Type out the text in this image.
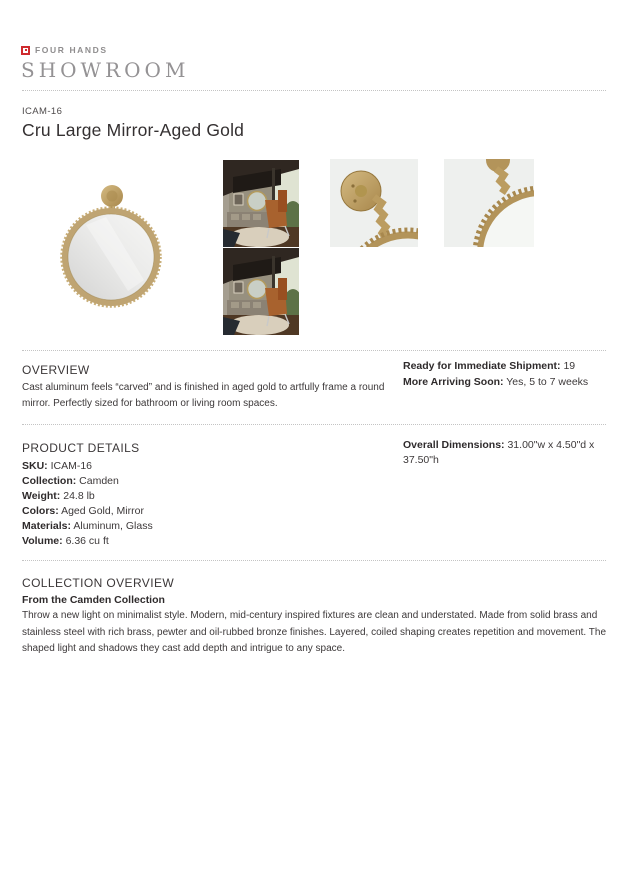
FOUR HANDS
SHOWROOM
ICAM-16
Cru Large Mirror-Aged Gold
OVERVIEW
Cast aluminum feels “carved” and is finished in aged gold to artfully frame a round mirror. Perfectly sized for bathroom or living room spaces.
Ready for Immediate Shipment: 19
More Arriving Soon: Yes, 5 to 7 weeks
PRODUCT DETAILS
SKU: ICAM-16
Collection: Camden
Weight: 24.8 lb
Colors: Aged Gold, Mirror
Materials: Aluminum, Glass
Volume: 6.36 cu ft
Overall Dimensions: 31.00"w x 4.50"d x 37.50"h
COLLECTION OVERVIEW
From the Camden Collection
Throw a new light on minimalist style. Modern, mid-century inspired fixtures are clean and understated. Made from solid brass and stainless steel with rich brass, pewter and oil-rubbed bronze finishes. Layered, coiled shaping creates repetition and movement. The shaped light and shadows they cast add depth and intrigue to any space.
